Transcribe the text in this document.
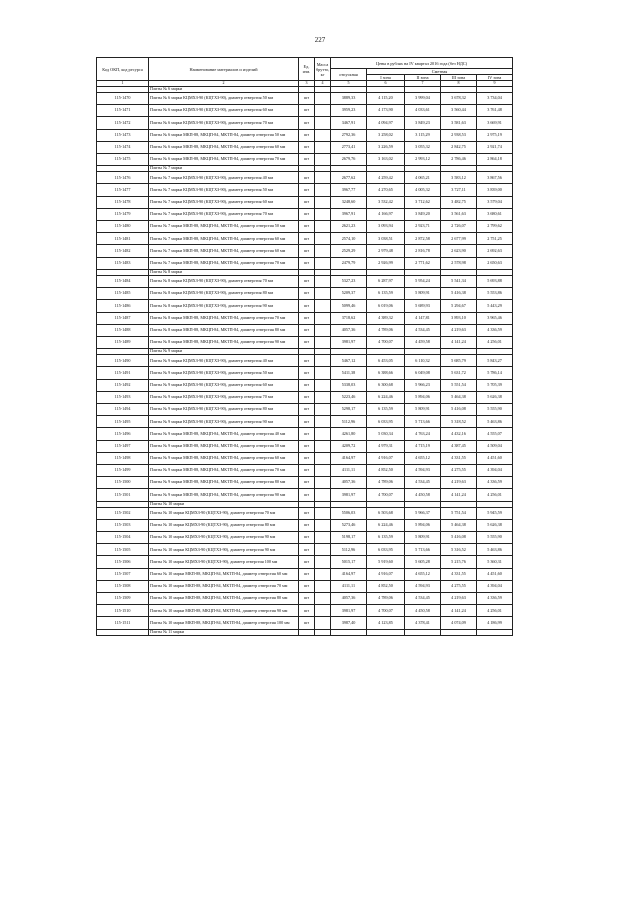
227
Код ОКП, код ресурса	Наименование материалов и изделий	Ед. изм.	Масса брутто, кг	Цены в рублях на IV квартал 2016 года (без НДС)				
				отпускная	Сметная			
					I зона	II зона	III зона	IV зона
1	2	3	4	5	6	7	8	9
	Плиты № 6 марки							
115-1470	Плиты № 6 марки КЦМХЗ-90 (КЦТХЗ-90), диаметр отверстия 50 мм	шт		3889,33	4 115,20	3 999,04	3 678,32	3 734,04
115-1471	Плиты № 6 марки КЦМХЗ-90 (КЦТХЗ-90), диаметр отверстия 60 мм	шт		3959,23	4 173,90	4 033,61	3 560,44	3 761,48
115-1472	Плиты № 6 марки КЦМХЗ-90 (КЦТХЗ-90), диаметр отверстия 70 мм	шт		3467,91	4 094,97	3 849,23	3 581,63	3 669,91
115-1473	Плиты № 6 марки МКП-88, МКЦП-84, МКТП-84, диаметр отверстия 50 мм	шт		2792,36	3 258,02	3 115,29	2 938,53	2 975,19
115-1474	Плиты № 6 марки МКП-88, МКЦП-84, МКТП-84, диаметр отверстия 60 мм	шт		2773,41	3 226,59	3 055,32	2 842,75	2 921,74
115-1475	Плиты № 6 марки МКП-88, МКЦП-84, МКТП-84, диаметр отверстия 70 мм	шт		2679,76	3 163,02	2 993,12	2 786,46	2 864,18
	Плиты № 7 марки							
115-1476	Плиты № 7 марки КЦМХЗ-90 (КЦТХЗ-90), диаметр отверстия 40 мм	шт		2677,62	4 259,42	4 065,21	3 583,12	3 867,56
115-1477	Плиты № 7 марки КЦМХЗ-90 (КЦТХЗ-90), диаметр отверстия 50 мм	шт		3967,77	4 270,65	4 005,32	3 727,11	3 839,00
115-1478	Плиты № 7 марки КЦМХЗ-90 (КЦТХЗ-90), диаметр отверстия 60 мм	шт		3248,60	3 532,42	3 712,62	3 482,75	3 579,04
115-1479	Плиты № 7 марки КЦМХЗ-90 (КЦТХЗ-90), диаметр отверстия 70 мм	шт		3967,91	4 166,97	3 849,20	3 561,63	3 680,61
115-1480	Плиты № 7 марки МКП-88, МКЦП-84, МКТП-84, диаметр отверстия 50 мм	шт		2621,23	3 093,94	2 923,71	2 726,07	2 799,62
115-1481	Плиты № 7 марки МКП-88, МКЦП-84, МКТП-84, диаметр отверстия 60 мм	шт		2574,10	3 038,51	2 872,58	2 677,99	2 751,25
115-1482	Плиты № 7 марки МКП-88, МКЦП-84, МКТП-84, диаметр отверстия 60 мм	шт		2529,29	2 979,48	2 816,78	2 623,90	2 692,63
115-1483	Плиты № 7 марки МКП-88, МКЦП-84, МКТП-84, диаметр отверстия 70 мм	шт		2479,79	2 926,99	2 771,62	2 578,98	2 650,63
	Плиты № 8 марки							
115-1484	Плиты № 8 марки КЦМХЗ-90 (КЦТХЗ-90), диаметр отверстия 70 мм	шт		5327,23	6 287,97	5 954,24	5 541,34	5 693,88
115-1485	Плиты № 8 марки КЦМХЗ-90 (КЦТХЗ-90), диаметр отверстия 80 мм	шт		5209,37	6 135,59	5 809,91	5 416,38	5 553,86
115-1486	Плиты № 8 марки КЦМХЗ-90 (КЦТХЗ-90), диаметр отверстия 90 мм	шт		5099,46	6 019,06	5 689,93	5 294,67	5 443,29
115-1487	Плиты № 8 марки МКП-88, МКЦП-84, МКТП-84, диаметр отверстия 70 мм	шт		3718,62	4 389,32	4 147,81	3 893,10	3 965,46
115-1488	Плиты № 8 марки МКП-88, МКЦП-84, МКТП-84, диаметр отверстия 80 мм	шт		4057,36	4 789,06	4 534,45	4 219,63	4 336,59
115-1489	Плиты № 8 марки МКП-88, МКЦП-84, МКТП-84, диаметр отверстия 90 мм	шт		3981,97	4 700,07	4 459,58	4 141,24	4 256,01
	Плиты № 9 марки							
115-1490	Плиты № 9 марки КЦМХЗ-90 (КЦТХЗ-90), диаметр отверстия 40 мм	шт		5467,12	6 453,05	6 110,32	5 685,79	5 843,27
115-1491	Плиты № 9 марки КЦМХЗ-90 (КЦТХЗ-90), диаметр отверстия 50 мм	шт		5411,38	6 388,66	6 049,08	5 631,72	5 786,14
115-1492	Плиты № 9 марки КЦМХЗ-90 (КЦТХЗ-90), диаметр отверстия 60 мм	шт		5338,03	6 300,68	5 966,23	5 551,54	5 705,39
115-1493	Плиты № 9 марки КЦМХЗ-90 (КЦТХЗ-90), диаметр отверстия 70 мм	шт		5223,46	6 224,46	5 894,06	5 464,38	5 626,38
115-1494	Плиты № 9 марки КЦМХЗ-90 (КЦТХЗ-90), диаметр отверстия 80 мм	шт		5298,17	6 135,59	5 809,91	5 416,08	5 555,90
115-1495	Плиты № 9 марки КЦМХЗ-90 (КЦТХЗ-90), диаметр отверстия 90 мм	шт		5112,96	6 033,95	5 713,66	5 318,52	5 463,86
115-1496	Плиты № 9 марки МКП-88, МКЦП-84, МКТП-84, диаметр отверстия 40 мм	шт		4261,80	5 030,34	4 763,24	4 432,16	4 555,07
115-1497	Плиты № 9 марки МКП-88, МКЦП-84, МКТП-84, диаметр отверстия 50 мм	шт		4209,72	4 979,31	4 715,19	4 387,45	4 509,04
115-1498	Плиты № 9 марки МКП-88, МКЦП-84, МКТП-84, диаметр отверстия 60 мм	шт		4164,97	4 916,07	4 655,12	4 331,55	4 451,60
115-1499	Плиты № 9 марки МКП-88, МКЦП-84, МКТП-84, диаметр отверстия 70 мм	шт		4111,11	4 852,50	4 594,93	4 275,55	4 394,04
115-1500	Плиты № 9 марки МКП-88, МКЦП-84, МКТП-84, диаметр отверстия 80 мм	шт		4057,36	4 789,06	4 534,45	4 219,63	4 336,59
115-1501	Плиты № 9 марки МКП-88, МКЦП-84, МКТП-84, диаметр отверстия 90 мм	шт		3981,97	4 700,07	4 450,58	4 141,24	4 256,01
	Плиты № 10 марки							
115-1502	Плиты № 10 марки КЦМХЗ-90 (КЦТХЗ-90), диаметр отверстия 70 мм	шт		5506,03	6 503,68	5 966,37	5 751,54	5 945,59
115-1503	Плиты № 10 марки КЦМХЗ-90 (КЦТХЗ-90), диаметр отверстия 80 мм	шт		5273,46	6 224,46	5 894,06	5 464,38	5 626,38
115-1504	Плиты № 10 марки КЦМХЗ-90 (КЦТХЗ-90), диаметр отверстия 90 мм	шт		5198,17	6 135,59	5 809,91	5 416,08	5 555,90
115-1505	Плиты № 10 марки КЦМХЗ-90 (КЦТХЗ-90), диаметр отверстия 90 мм	шт		5112,96	6 033,95	5 713,66	5 316,52	5 463,86
115-1506	Плиты № 10 марки КЦМХЗ-90 (КЦТХЗ-90), диаметр отверстия 100 мм	шт		5015,17	5 919,60	5 605,28	5 215,76	5 360,31
115-1507	Плиты № 10 марки МКП-88, МКЦП-84, МКТП-84, диаметр отверстия 60 мм	шт		4164,97	4 916,07	4 655,12	4 331,55	4 451,60
115-1508	Плиты № 10 марки МКП-88, МКЦП-84, МКТП-84, диаметр отверстия 70 мм	шт		4111,11	4 852,50	4 594,93	4 275,55	4 394,04
115-1509	Плиты № 10 марки МКП-88, МКЦП-84, МКТП-84, диаметр отверстия 80 мм	шт		4057,36	4 789,06	4 534,45	4 219,63	4 336,59
115-1510	Плиты № 10 марки МКП-88, МКЦП-84, МКТП-84, диаметр отверстия 90 мм	шт		3981,97	4 700,07	4 450,58	4 141,24	4 256,01
115-1511	Плиты № 10 марки МКП-88, МКЦП-84, МКТП-84, диаметр отверстия 100 мм	шт		3987,40	4 123,85	4 378,41	4 074,09	4 186,99
	Плиты № 11 марки							
